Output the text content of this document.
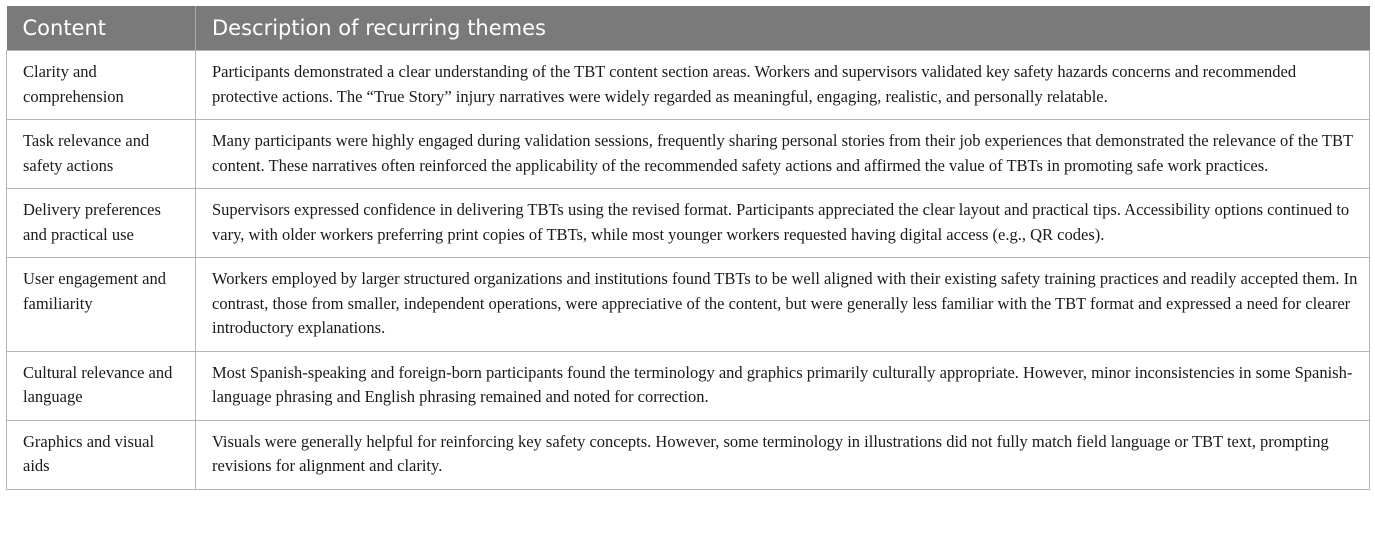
Content	Description of recurring themes
Clarity and comprehension	Participants demonstrated a clear understanding of the TBT content section areas. Workers and supervisors validated key safety hazards concerns and recommended protective actions. The “True Story” injury narratives were widely regarded as meaningful, engaging, realistic, and personally relatable.
Task relevance and safety actions	Many participants were highly engaged during validation sessions, frequently sharing personal stories from their job experiences that demonstrated the relevance of the TBT content. These narratives often reinforced the applicability of the recommended safety actions and affirmed the value of TBTs in promoting safe work practices.
Delivery preferences and practical use	Supervisors expressed confidence in delivering TBTs using the revised format. Participants appreciated the clear layout and practical tips. Accessibility options continued to vary, with older workers preferring print copies of TBTs, while most younger workers requested having digital access (e.g., QR codes).
User engagement and familiarity	Workers employed by larger structured organizations and institutions found TBTs to be well aligned with their existing safety training practices and readily accepted them. In contrast, those from smaller, independent operations, were appreciative of the content, but were generally less familiar with the TBT format and expressed a need for clearer introductory explanations.
Cultural relevance and language	Most Spanish-speaking and foreign-born participants found the terminology and graphics primarily culturally appropriate. However, minor inconsistencies in some Spanish-language phrasing and English phrasing remained and noted for correction.
Graphics and visual aids	Visuals were generally helpful for reinforcing key safety concepts. However, some terminology in illustrations did not fully match field language or TBT text, prompting revisions for alignment and clarity.
